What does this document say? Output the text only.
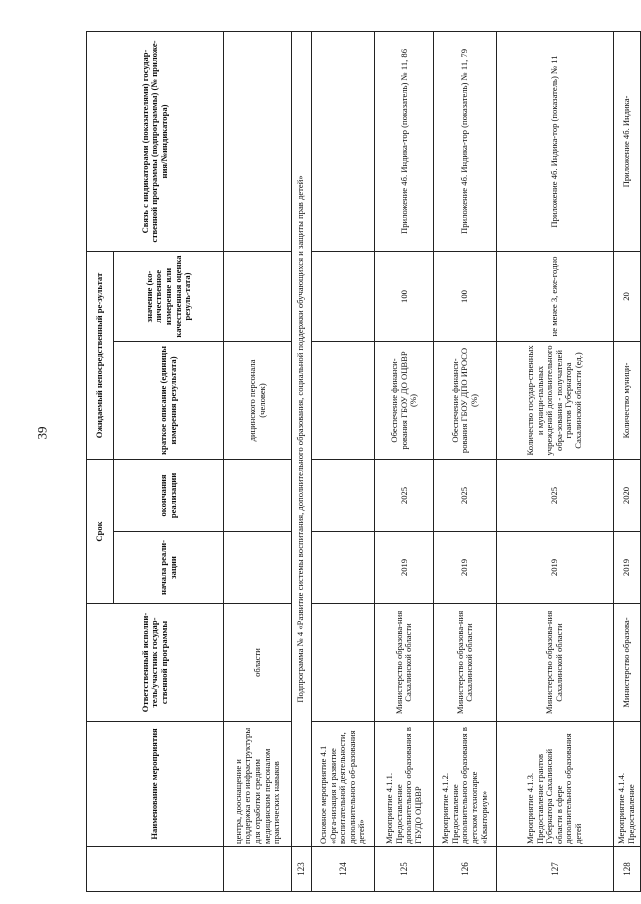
39
	Наименование мероприятия	Ответственный исполни-тель/участник государ-ственной программы	Срок		Ожидаемый непосредственный ре-зультат		Связь с индикаторами (показателями) государ-ственной программы (подпрограммы) (№ приложе-ния/№индикатора)
			начала реали-зации	окончания реализации	краткое описание (единицы измерения результата)	значение (ко-личественное измерение или качественная оценка резуль-тата)	
	центра, дооснащение и поддержка его инфраструктуры для отработки средним медицинским персоналом практических навыков	области			дицинского персонала (человек)		
123	Подпрограмма № 4 «Развитие системы воспитания, дополнительного образования, социальной поддержки обучающихся и защиты прав детей»						
124	Основное мероприятие 4.1 «Орга-низация и развитие воспитательной деятельности, дополнительного об-разования детей»						
125	Мероприятие 4.1.1. Предоставление дополнительного образования в ГБУДО ОЦВВР	Министерство образова-ния Сахалинской области	2019	2025	Обеспечение финанси-рования ГБОУ ДО ОЦВВР (%)	100	Приложение 4б. Индика-тор (показатель) № 11, 86
126	Мероприятие 4.1.2. Предоставление дополнительного образования в детском технопарке «Кванториум»	Министерство образова-ния Сахалинской области	2019	2025	Обеспечение финанси-рования ГБОУ ДПО ИРОСО (%)	100	Приложение 4б. Индика-тор (показатель) № 11, 79
127	Мероприятие 4.1.3. Предоставление грантов Губернатора Сахалинской области в сфере дополнительного образования детей	Министерство образова-ния Сахалинской области	2019	2025	Количество государ-ственных и муници-пальных учреждений дополнительного обра-зования - получателей грантов Губернатора Сахалинской области (ед.)	не менее 3, еже-годно	Приложение 4б. Индика-тор (показатель) № 11
128	Мероприятие 4.1.4. Предоставление	Министерство образова-	2019	2020	Количество муници-	20	Приложение 4б. Индика-
